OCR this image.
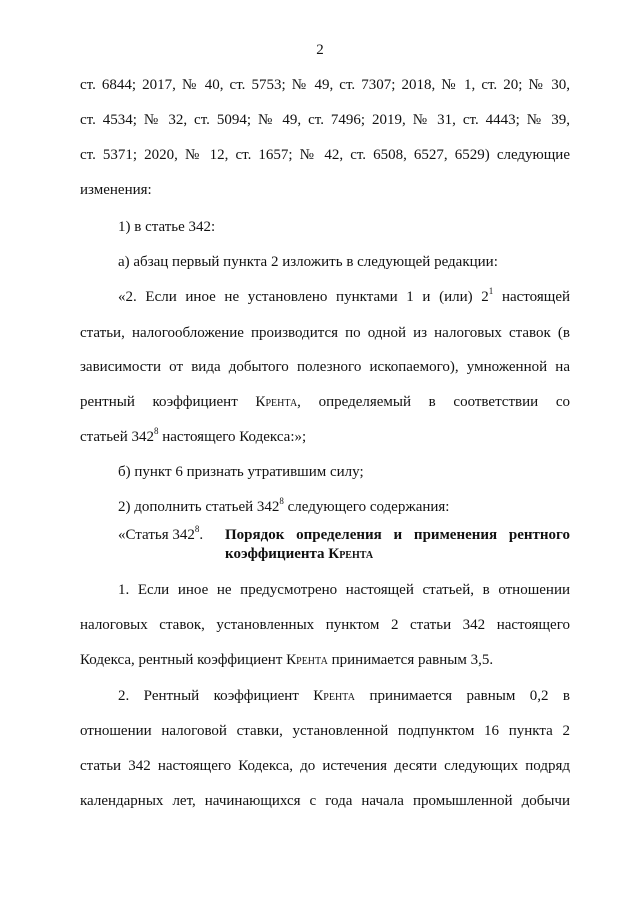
2
ст. 6844; 2017, № 40, ст. 5753; № 49, ст. 7307; 2018, № 1, ст. 20; № 30,
ст. 4534; № 32, ст. 5094; № 49, ст. 7496; 2019, № 31, ст. 4443; № 39,
ст. 5371; 2020, № 12, ст. 1657; № 42, ст. 6508, 6527, 6529) следующие
изменения:
1) в статье 342:
а) абзац первый пункта 2 изложить в следующей редакции:
«2. Если иное не установлено пунктами 1 и (или) $2^1$ настоящей
статьи, налогообложение производится по одной из налоговых ставок (в
зависимости от вида добытого полезного ископаемого), умноженной на
рентный коэффициент КРЕНТА, определяемый в соответствии со
статьей $342^8$ настоящего Кодекса:»;
б) пункт 6 признать утратившим силу;
2) дополнить статьей $342^8$ следующего содержания:
«Статья $342^8$. Порядок определения и применения рентного
коэффициента КРЕНТА
1. Если иное не предусмотрено настоящей статьей, в отношении
налоговых ставок, установленных пунктом 2 статьи 342 настоящего
Кодекса, рентный коэффициент КРЕНТА принимается равным 3,5.
2. Рентный коэффициент КРЕНТА принимается равным 0,2 в
отношении налоговой ставки, установленной подпунктом 16 пункта 2
статьи 342 настоящего Кодекса, до истечения десяти следующих подряд
календарных лет, начинающихся с года начала промышленной добычи
